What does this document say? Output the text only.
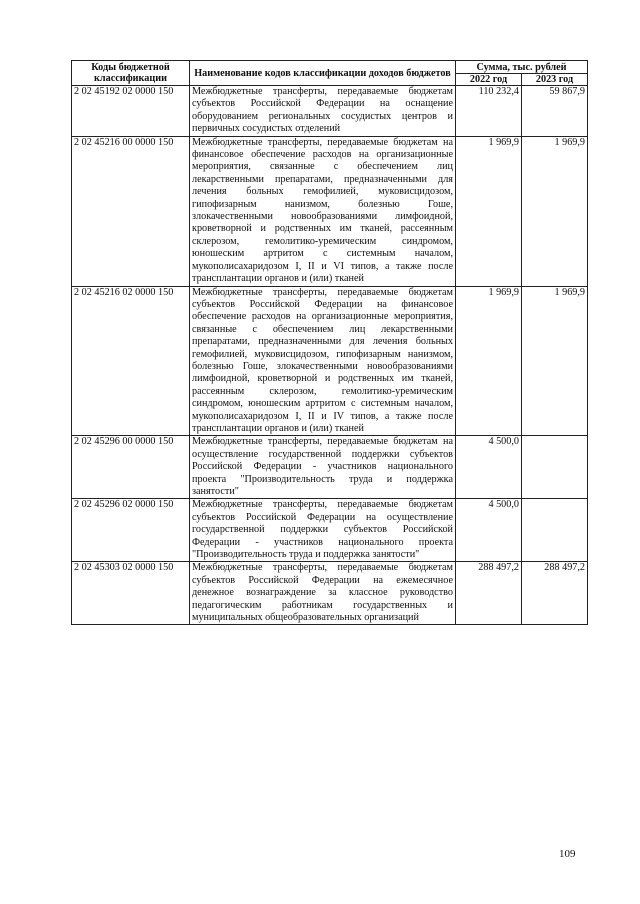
Коды бюджетной классификации	Наименование кодов классификации доходов бюджетов	Сумма, тыс. рублей	
		2022 год	2023 год
2 02 45192 02 0000 150	Межбюджетные трансферты, передаваемые бюджетам субъектов Российской Федерации на оснащение оборудованием региональных сосудистых центров и первичных сосудистых отделений	110 232,4	59 867,9
2 02 45216 00 0000 150	Межбюджетные трансферты, передаваемые бюджетам на финансовое обеспечение расходов на организационные мероприятия, связанные с обеспечением лиц лекарственными препаратами, предназначенными для лечения больных гемофилией, муковисцидозом, гипофизарным нанизмом, болезнью Гоше, злокачественными новообразованиями лимфоидной, кроветворной и родственных им тканей, рассеянным склерозом, гемолитико-уремическим синдромом, юношеским артритом с системным началом, мукополисахаридозом I, II и VI типов, а также после трансплантации органов и (или) тканей	1 969,9	1 969,9
2 02 45216 02 0000 150	Межбюджетные трансферты, передаваемые бюджетам субъектов Российской Федерации на финансовое обеспечение расходов на организационные мероприятия, связанные с обеспечением лиц лекарственными препаратами, предназначенными для лечения больных гемофилией, муковисцидозом, гипофизарным нанизмом, болезнью Гоше, злокачественными новообразованиями лимфоидной, кроветворной и родственных им тканей, рассеянным склерозом, гемолитико-уремическим синдромом, юношеским артритом с системным началом, мукополисахаридозом I, II и IV типов, а также после трансплантации органов и (или) тканей	1 969,9	1 969,9
2 02 45296 00 0000 150	Межбюджетные трансферты, передаваемые бюджетам на осуществление государственной поддержки субъектов Российской Федерации - участников национального проекта "Производительность труда и поддержка занятости"	4 500,0	
2 02 45296 02 0000 150	Межбюджетные трансферты, передаваемые бюджетам субъектов Российской Федерации на осуществление государственной поддержки субъектов Российской Федерации - участников национального проекта "Производительность труда и поддержка занятости"	4 500,0	
2 02 45303 02 0000 150	Межбюджетные трансферты, передаваемые бюджетам субъектов Российской Федерации на ежемесячное денежное вознаграждение за классное руководство педагогическим работникам государственных и муниципальных общеобразовательных организаций	288 497,2	288 497,2
109
